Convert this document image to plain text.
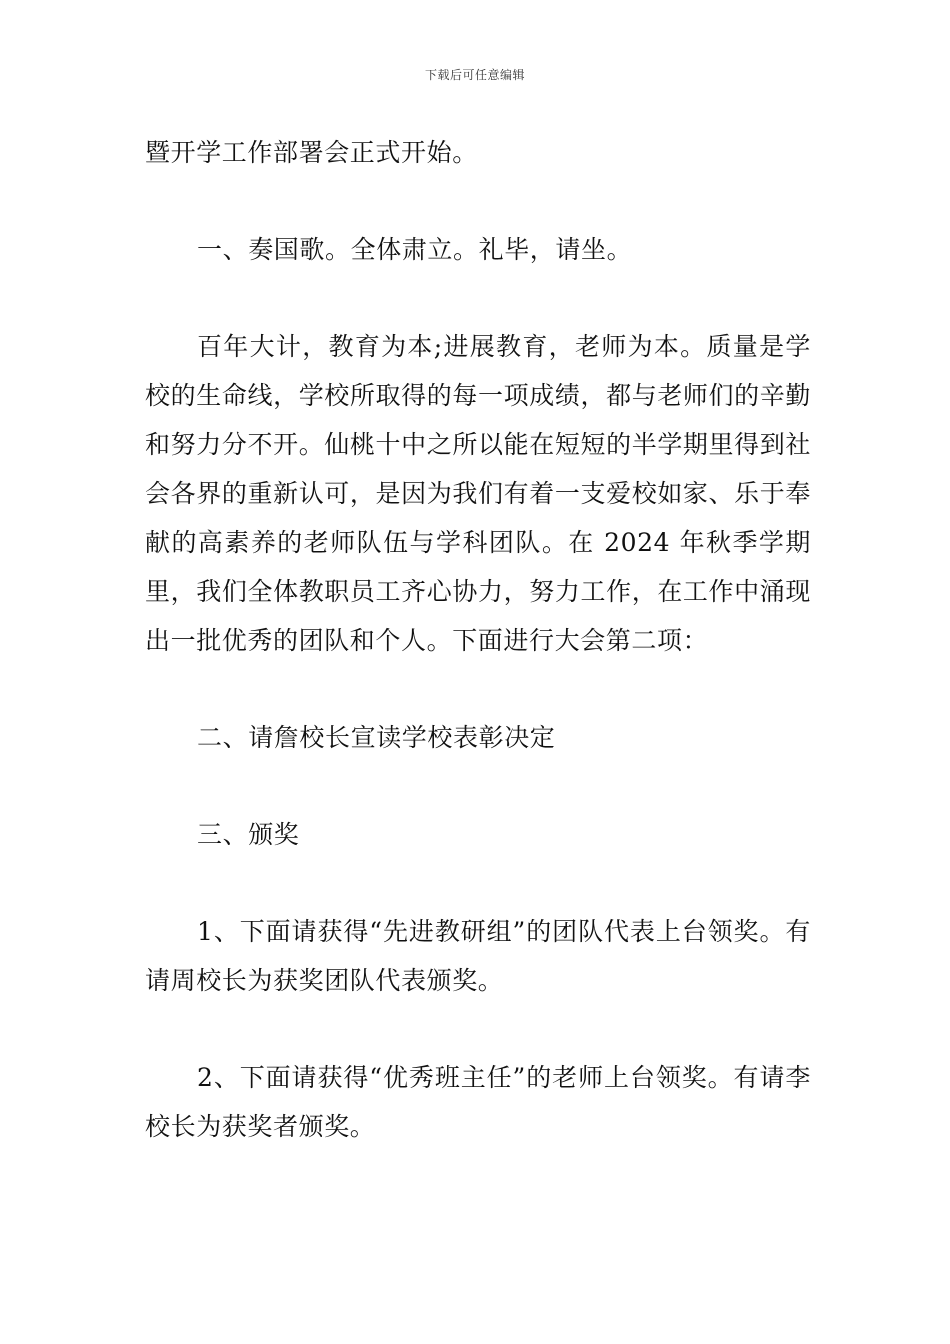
下载后可任意编辑

暨开学工作部署会正式开始。

一、奏国歌。全体肃立。礼毕，请坐。

百年大计，教育为本;进展教育，老师为本。质量是学校的生命线，学校所取得的每一项成绩，都与老师们的辛勤和努力分不开。仙桃十中之所以能在短短的半学期里得到社会各界的重新认可，是因为我们有着一支爱校如家、乐于奉献的高素养的老师队伍与学科团队。在 2024 年秋季学期里，我们全体教职员工齐心协力，努力工作，在工作中涌现出一批优秀的团队和个人。下面进行大会第二项：

二、请詹校长宣读学校表彰决定

三、颁奖

1、下面请获得“先进教研组”的团队代表上台领奖。有请周校长为获奖团队代表颁奖。

2、下面请获得“优秀班主任”的老师上台领奖。有请李校长为获奖者颁奖。
